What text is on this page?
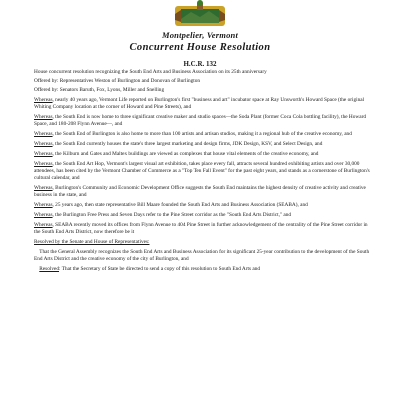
Montpelier, Vermont
Concurrent House Resolution
H.C.R. 132

House concurrent resolution recognizing the South End Arts and Business Association on its 25th anniversary

Offered by: Representatives Weston of Burlington and Donovan of Burlington

Offered by: Senators Baruth, Fox, Lyons, Miller and Snelling

Whereas, nearly 40 years ago, Vermont Life reported on Burlington's first "business and art" incubator space at Ray Unsworth's Howard Space (the original Whiting Company location at the corner of Howard and Pine Streets), and

Whereas, the South End is now home to three significant creative maker and studio spaces—the Soda Plant (former Coca Cola bottling facility), the Howard Space, and 180-208 Flynn Avenue—, and

Whereas, the South End of Burlington is also home to more than 100 artists and artisan studios, making it a regional hub of the creative economy, and

Whereas, the South End currently houses the state's three largest marketing and design firms, JDK Design, KSV, and Select Design, and

Whereas, the Kilburn and Gates and Maltex buildings are viewed as complexes that house vital elements of the creative economy, and

Whereas, the South End Art Hop, Vermont's largest visual art exhibition, takes place every fall, attracts several hundred exhibiting artists and over 30,000 attendees, has been cited by the Vermont Chamber of Commerce as a "Top Ten Fall Event" for the past eight years, and stands as a cornerstone of Burlington's cultural calendar, and

Whereas, Burlington's Community and Economic Development Office suggests the South End maintains the highest density of creative activity and creative business in the state, and

Whereas, 25 years ago, then state representative Bill Maare founded the South End Arts and Business Association (SEABA), and

Whereas, the Burlington Free Press and Seven Days refer to the Pine Street corridor as the "South End Arts District," and

Whereas, SEABA recently moved its offices from Flynn Avenue to 404 Pine Street in further acknowledgement of the centrality of the Pine Street corridor in the South End Arts District, now therefore be it

Resolved by the Senate and House of Representatives:

 That the General Assembly recognizes the South End Arts and Business Association for its significant 25-year contribution to the development of the South End Arts District and the creative economy of the city of Burlington, and

 Resolved: That the Secretary of State be directed to send a copy of this resolution to South End Arts and
